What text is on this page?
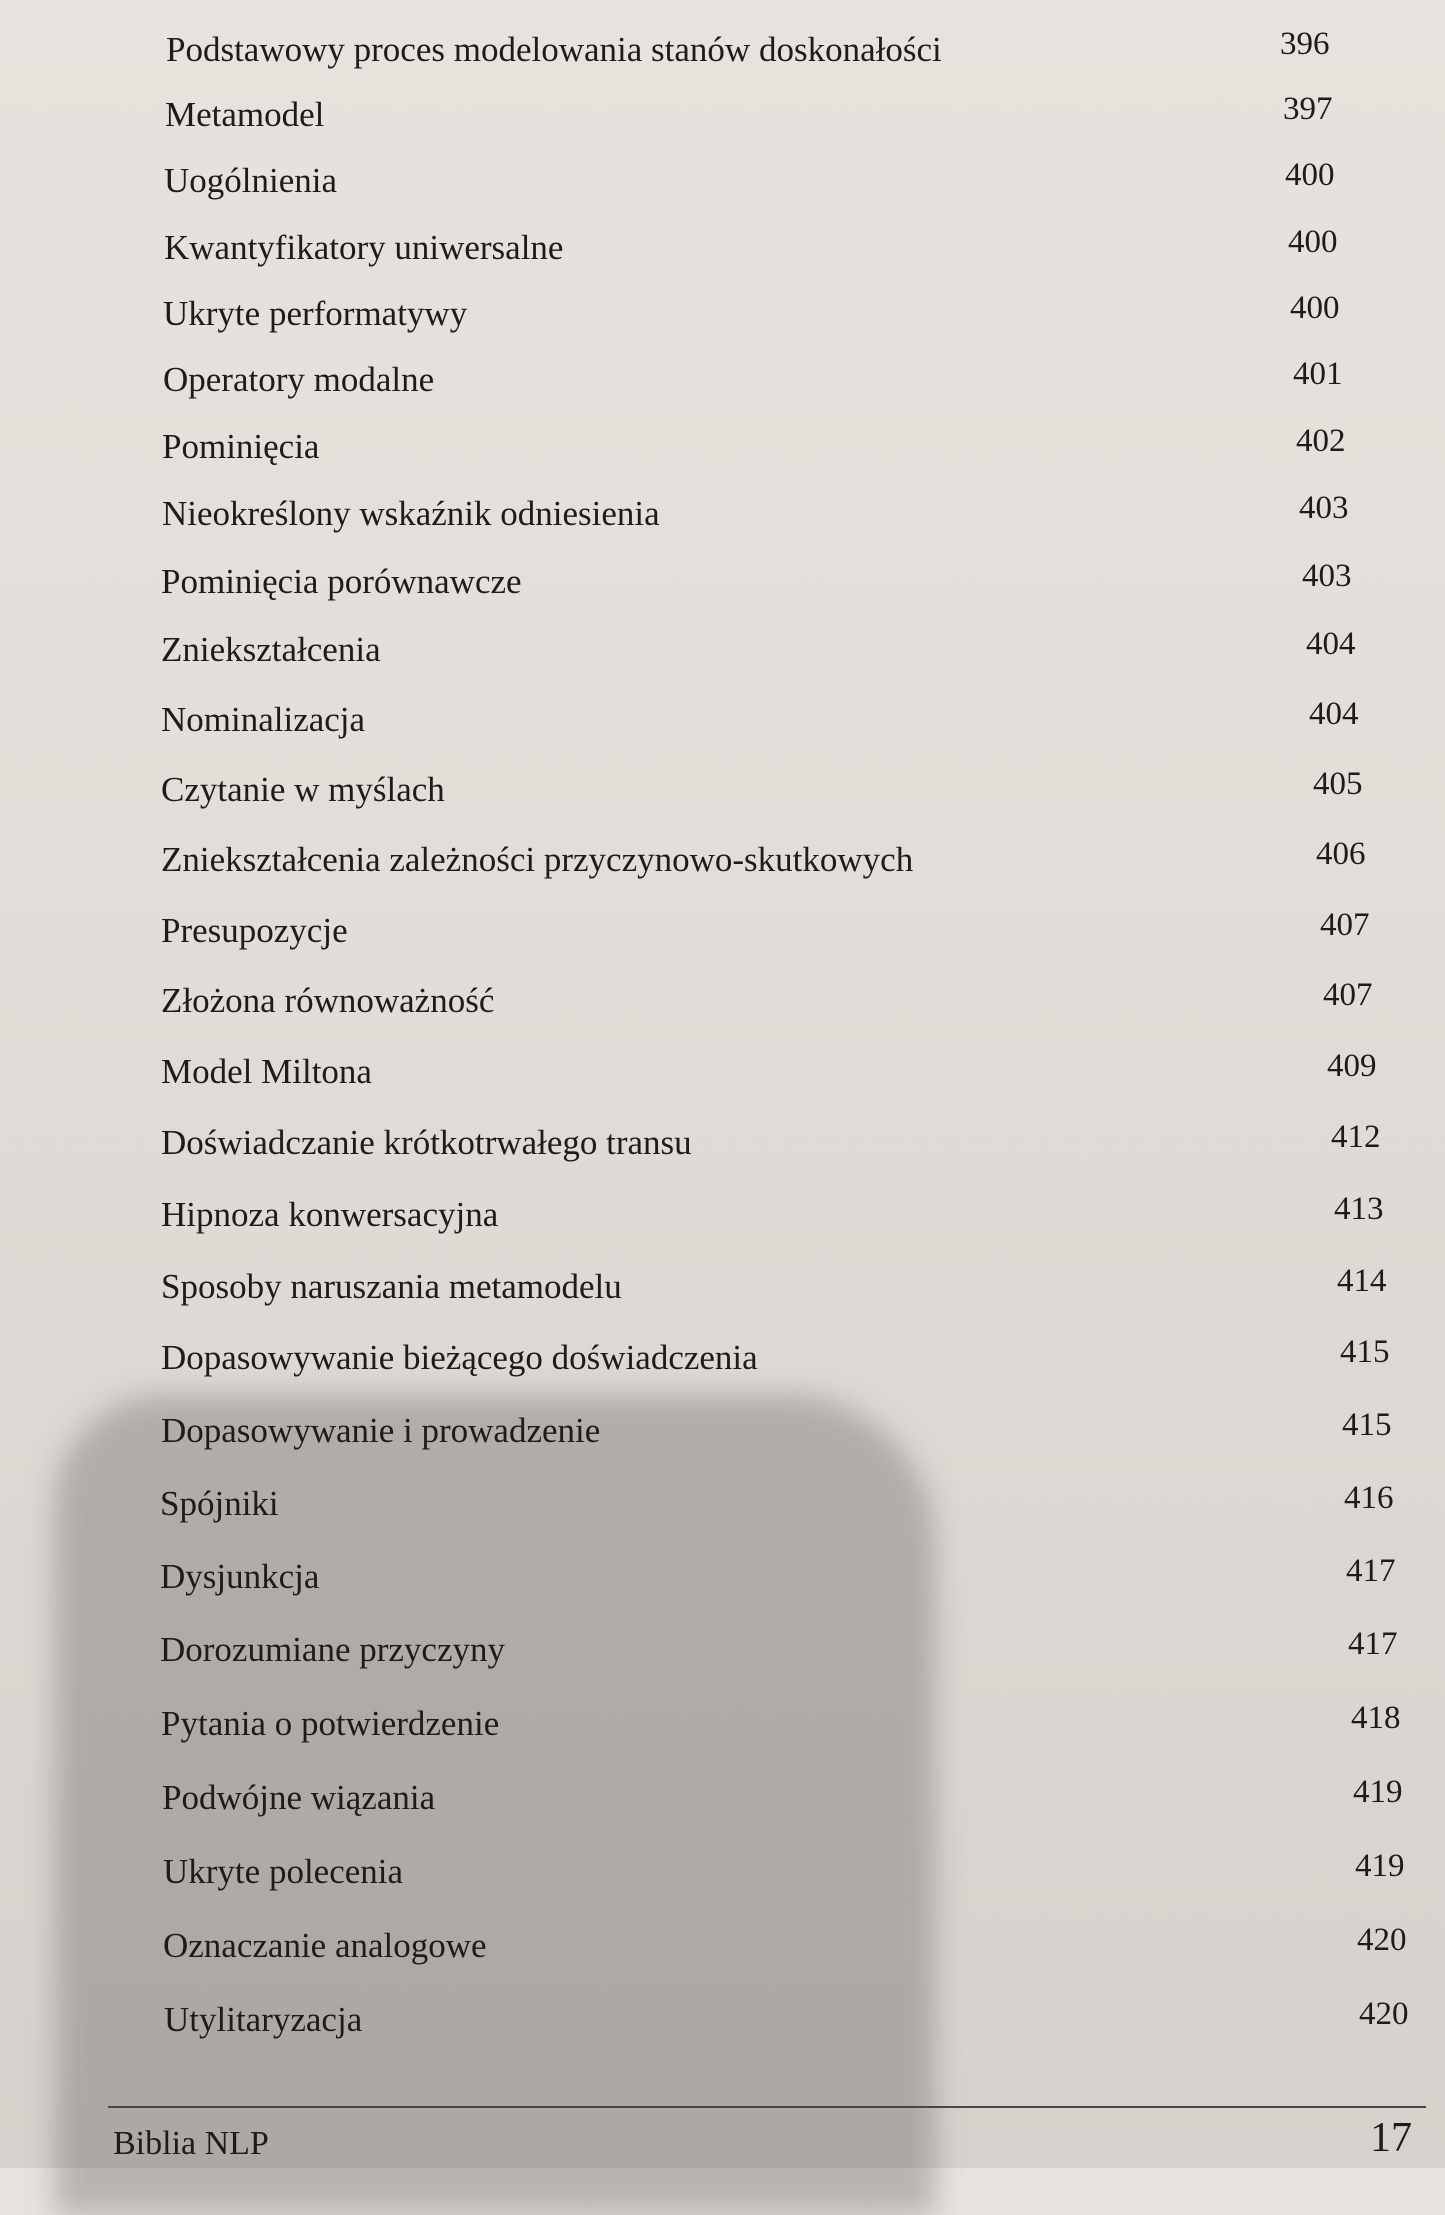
Podstawowy proces modelowania stanów doskonałości	396
Metamodel	397
Uogólnienia	400
Kwantyfikatory uniwersalne	400
Ukryte performatywy	400
Operatory modalne	401
Pominięcia	402
Nieokreślony wskaźnik odniesienia	403
Pominięcia porównawcze	403
Zniekształcenia	404
Nominalizacja	404
Czytanie w myślach	405
Zniekształcenia zależności przyczynowo-skutkowych	406
Presupozycje	407
Złożona równoważność	407
Model Miltona	409
Doświadczanie krótkotrwałego transu	412
Hipnoza konwersacyjna	413
Sposoby naruszania metamodelu	414
Dopasowywanie bieżącego doświadczenia	415
Dopasowywanie i prowadzenie	415
Spójniki	416
Dysjunkcja	417
Dorozumiane przyczyny	417
Pytania o potwierdzenie	418
Podwójne wiązania	419
Ukryte polecenia	419
Oznaczanie analogowe	420
Utylitaryzacja	420
Biblia NLP	17
